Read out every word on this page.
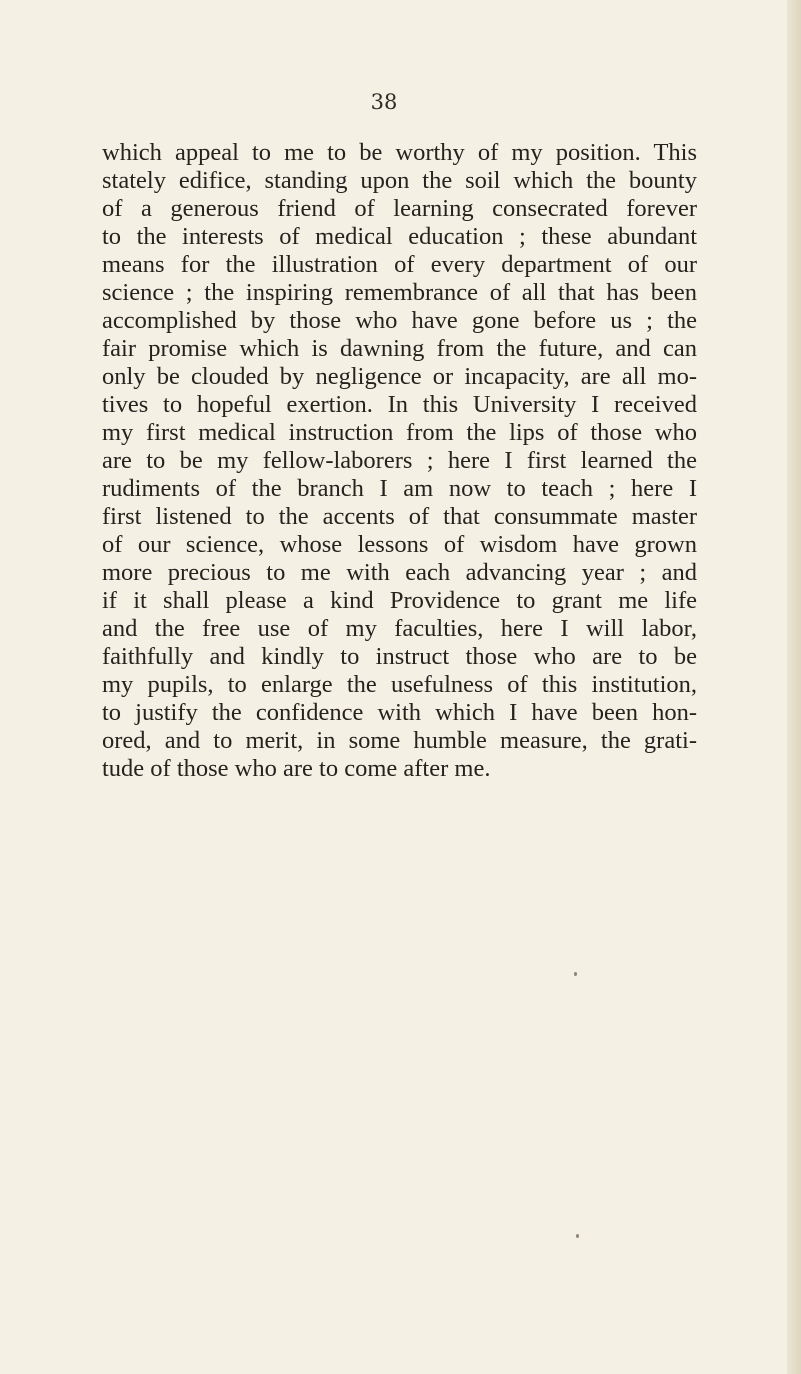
38
which appeal to me to be worthy of my position. This
stately edifice, standing upon the soil which the bounty
of a generous friend of learning consecrated forever
to the interests of medical education ; these abundant
means for the illustration of every department of our
science ; the inspiring remembrance of all that has been
accomplished by those who have gone before us ; the
fair promise which is dawning from the future, and can
only be clouded by negligence or incapacity, are all mo-
tives to hopeful exertion. In this University I received
my first medical instruction from the lips of those who
are to be my fellow-laborers ; here I first learned the
rudiments of the branch I am now to teach ; here I
first listened to the accents of that consummate master
of our science, whose lessons of wisdom have grown
more precious to me with each advancing year ; and
if it shall please a kind Providence to grant me life
and the free use of my faculties, here I will labor,
faithfully and kindly to instruct those who are to be
my pupils, to enlarge the usefulness of this institution,
to justify the confidence with which I have been hon-
ored, and to merit, in some humble measure, the grati-
tude of those who are to come after me.
